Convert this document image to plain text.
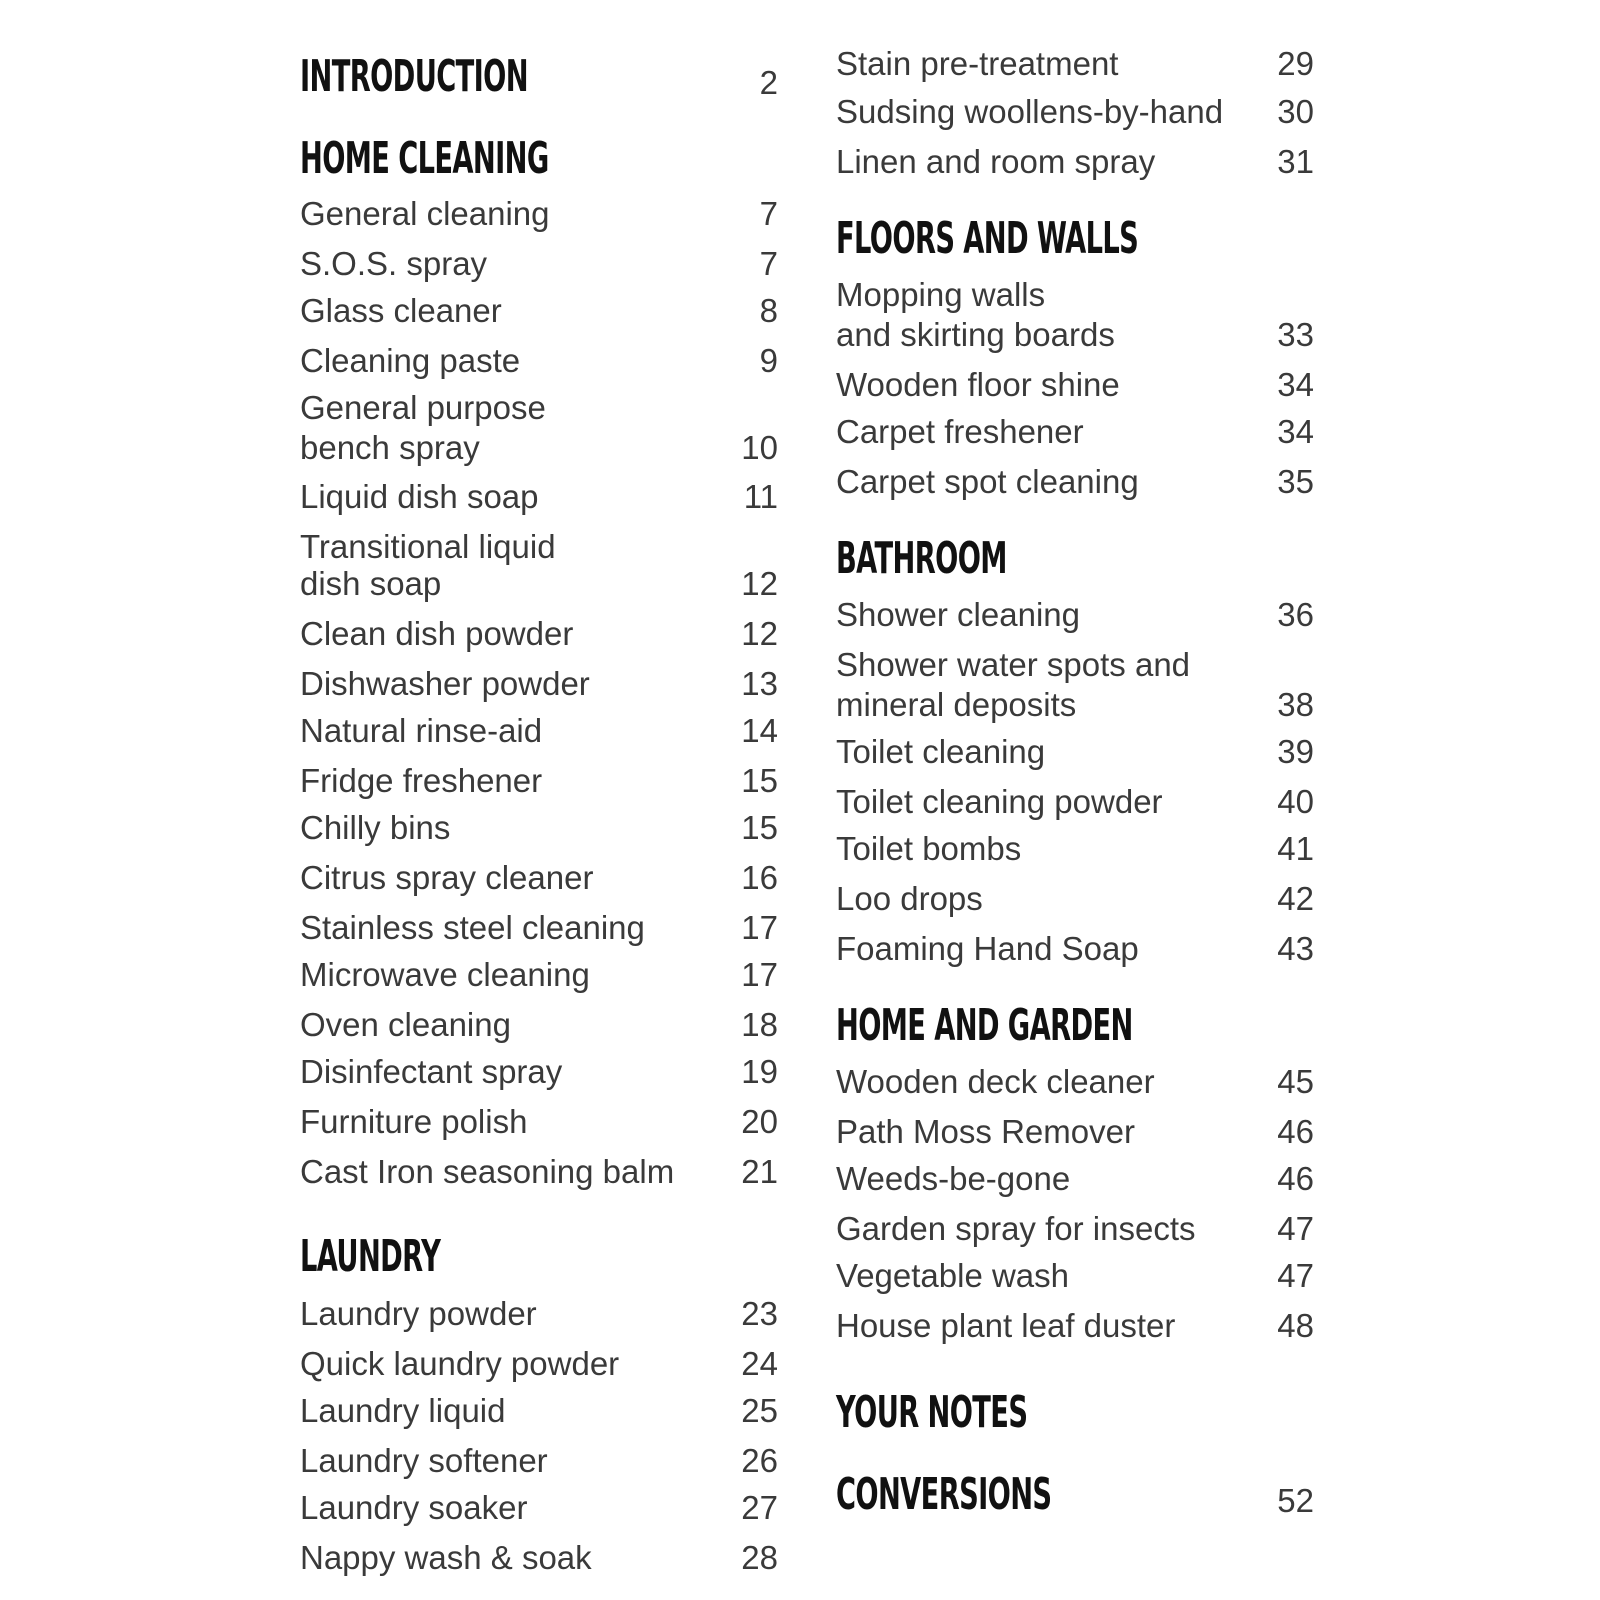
INTRODUCTION	2
HOME CLEANING
General cleaning	7
S.O.S. spray	7
Glass cleaner	8
Cleaning paste	9
General purpose
bench spray	10
Liquid dish soap	11
Transitional liquid
dish soap	12
Clean dish powder	12
Dishwasher powder	13
Natural rinse-aid	14
Fridge freshener	15
Chilly bins	15
Citrus spray cleaner	16
Stainless steel cleaning	17
Microwave cleaning	17
Oven cleaning	18
Disinfectant spray	19
Furniture polish	20
Cast Iron seasoning balm 21
LAUNDRY
Laundry powder	23
Quick laundry powder	24
Laundry liquid	25
Laundry softener	26
Laundry soaker	27
Nappy wash & soak	28
Stain pre-treatment	29
Sudsing woollens-by-hand 30
Linen and room spray	31
FLOORS AND WALLS
Mopping walls
and skirting boards	33
Wooden floor shine	34
Carpet freshener	34
Carpet spot cleaning	35
BATHROOM
Shower cleaning	36
Shower water spots and
mineral deposits	38
Toilet cleaning	39
Toilet cleaning powder	40
Toilet bombs	41
Loo drops	42
Foaming Hand Soap	43
HOME AND GARDEN
Wooden deck cleaner	45
Path Moss Remover	46
Weeds-be-gone	46
Garden spray for insects 47
Vegetable wash	47
House plant leaf duster	48
YOUR NOTES
CONVERSIONS	52
